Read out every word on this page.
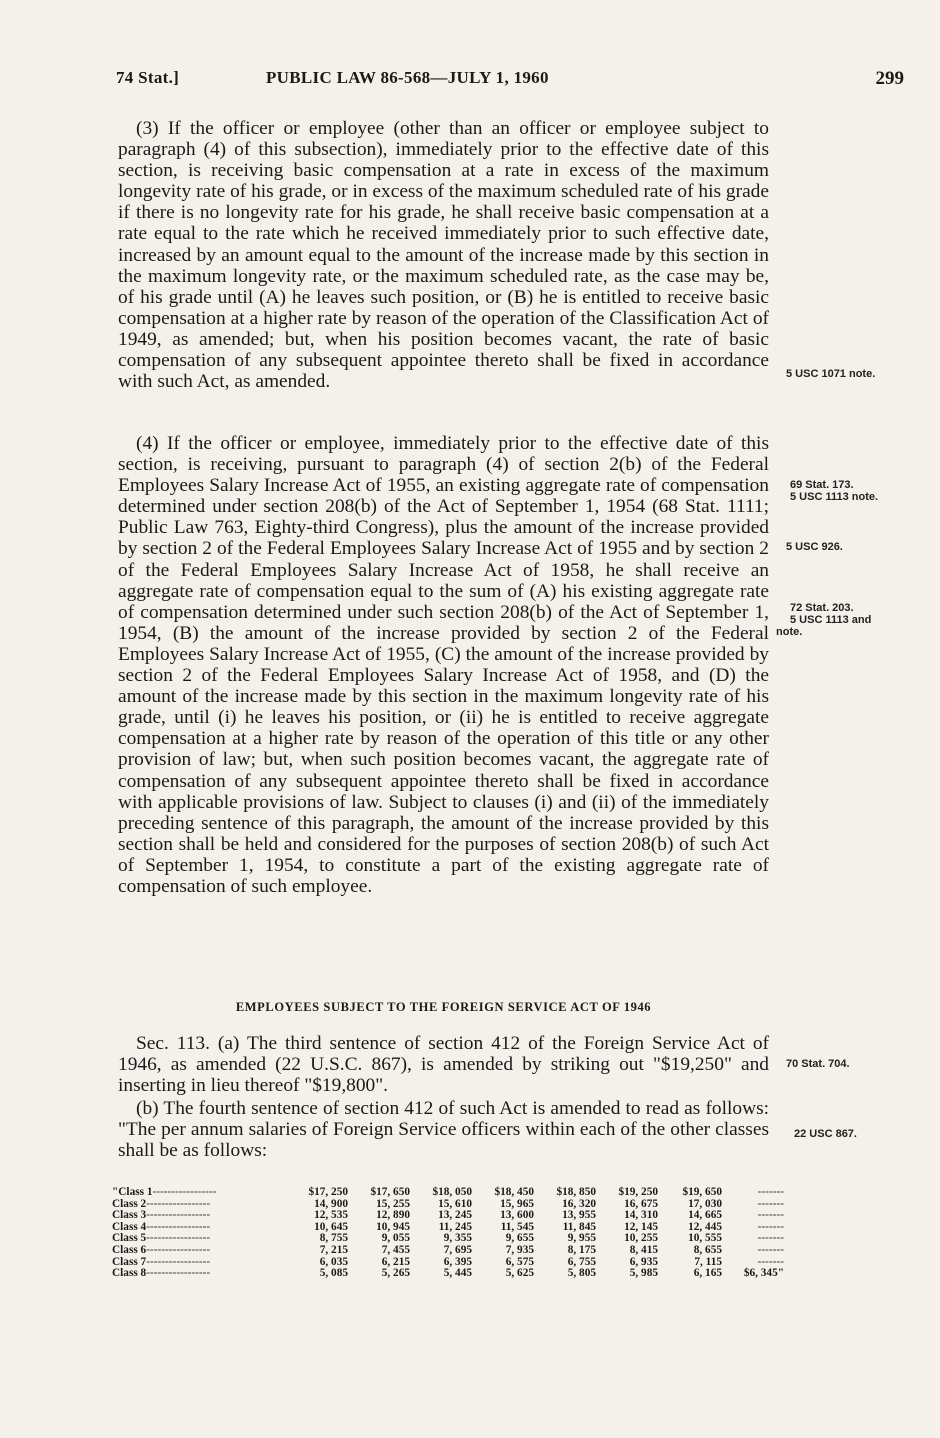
74 Stat.]	PUBLIC LAW 86-568—JULY 1, 1960	299

(3) If the officer or employee (other than an officer or employee subject to paragraph (4) of this subsection), immediately prior to the effective date of this section, is receiving basic compensation at a rate in excess of the maximum longevity rate of his grade, or in excess of the maximum scheduled rate of his grade if there is no longevity rate for his grade, he shall receive basic compensation at a rate equal to the rate which he received immediately prior to such effective date, increased by an amount equal to the amount of the increase made by this section in the maximum longevity rate, or the maximum scheduled rate, as the case may be, of his grade until (A) he leaves such position, or (B) he is entitled to receive basic compensation at a higher rate by reason of the operation of the Classification Act of 1949, as amended; but, when his position becomes vacant, the rate of basic compensation of any subsequent appointee thereto shall be fixed in accordance with such Act, as amended.

(4) If the officer or employee, immediately prior to the effective date of this section, is receiving, pursuant to paragraph (4) of section 2(b) of the Federal Employees Salary Increase Act of 1955, an existing aggregate rate of compensation determined under section 208(b) of the Act of September 1, 1954 (68 Stat. 1111; Public Law 763, Eighty-third Congress), plus the amount of the increase provided by section 2 of the Federal Employees Salary Increase Act of 1955 and by section 2 of the Federal Employees Salary Increase Act of 1958, he shall receive an aggregate rate of compensation equal to the sum of (A) his existing aggregate rate of compensation determined under such section 208(b) of the Act of September 1, 1954, (B) the amount of the increase provided by section 2 of the Federal Employees Salary Increase Act of 1955, (C) the amount of the increase provided by section 2 of the Federal Employees Salary Increase Act of 1958, and (D) the amount of the increase made by this section in the maximum longevity rate of his grade, until (i) he leaves his position, or (ii) he is entitled to receive aggregate compensation at a higher rate by reason of the operation of this title or any other provision of law; but, when such position becomes vacant, the aggregate rate of compensation of any subsequent appointee thereto shall be fixed in accordance with applicable provisions of law. Subject to clauses (i) and (ii) of the immediately preceding sentence of this paragraph, the amount of the increase provided by this section shall be held and considered for the purposes of section 208(b) of such Act of September 1, 1954, to constitute a part of the existing aggregate rate of compensation of such employee.

EMPLOYEES SUBJECT TO THE FOREIGN SERVICE ACT OF 1946

Sec. 113. (a) The third sentence of section 412 of the Foreign Service Act of 1946, as amended (22 U.S.C. 867), is amended by striking out "$19,250" and inserting in lieu thereof "$19,800".

(b) The fourth sentence of section 412 of such Act is amended to read as follows: "The per annum salaries of Foreign Service officers within each of the other classes shall be as follows:

5 USC 1071 note.
69 Stat. 173.
5 USC 1113 note.
5 USC 926.
72 Stat. 203.
5 USC 1113 and
note.
70 Stat. 704.
22 USC 867.
"Class 1-----------------	$17, 250	$17, 650	$18, 050	$18, 450	$18, 850	$19, 250	$19, 650	-------
Class 2-----------------	14, 900	15, 255	15, 610	15, 965	16, 320	16, 675	17, 030	-------
Class 3-----------------	12, 535	12, 890	13, 245	13, 600	13, 955	14, 310	14, 665	-------
Class 4-----------------	10, 645	10, 945	11, 245	11, 545	11, 845	12, 145	12, 445	-------
Class 5-----------------	8, 755	9, 055	9, 355	9, 655	9, 955	10, 255	10, 555	-------
Class 6-----------------	7, 215	7, 455	7, 695	7, 935	8, 175	8, 415	8, 655	-------
Class 7-----------------	6, 035	6, 215	6, 395	6, 575	6, 755	6, 935	7, 115	-------
Class 8-----------------	5, 085	5, 265	5, 445	5, 625	5, 805	5, 985	6, 165	$6, 345"
